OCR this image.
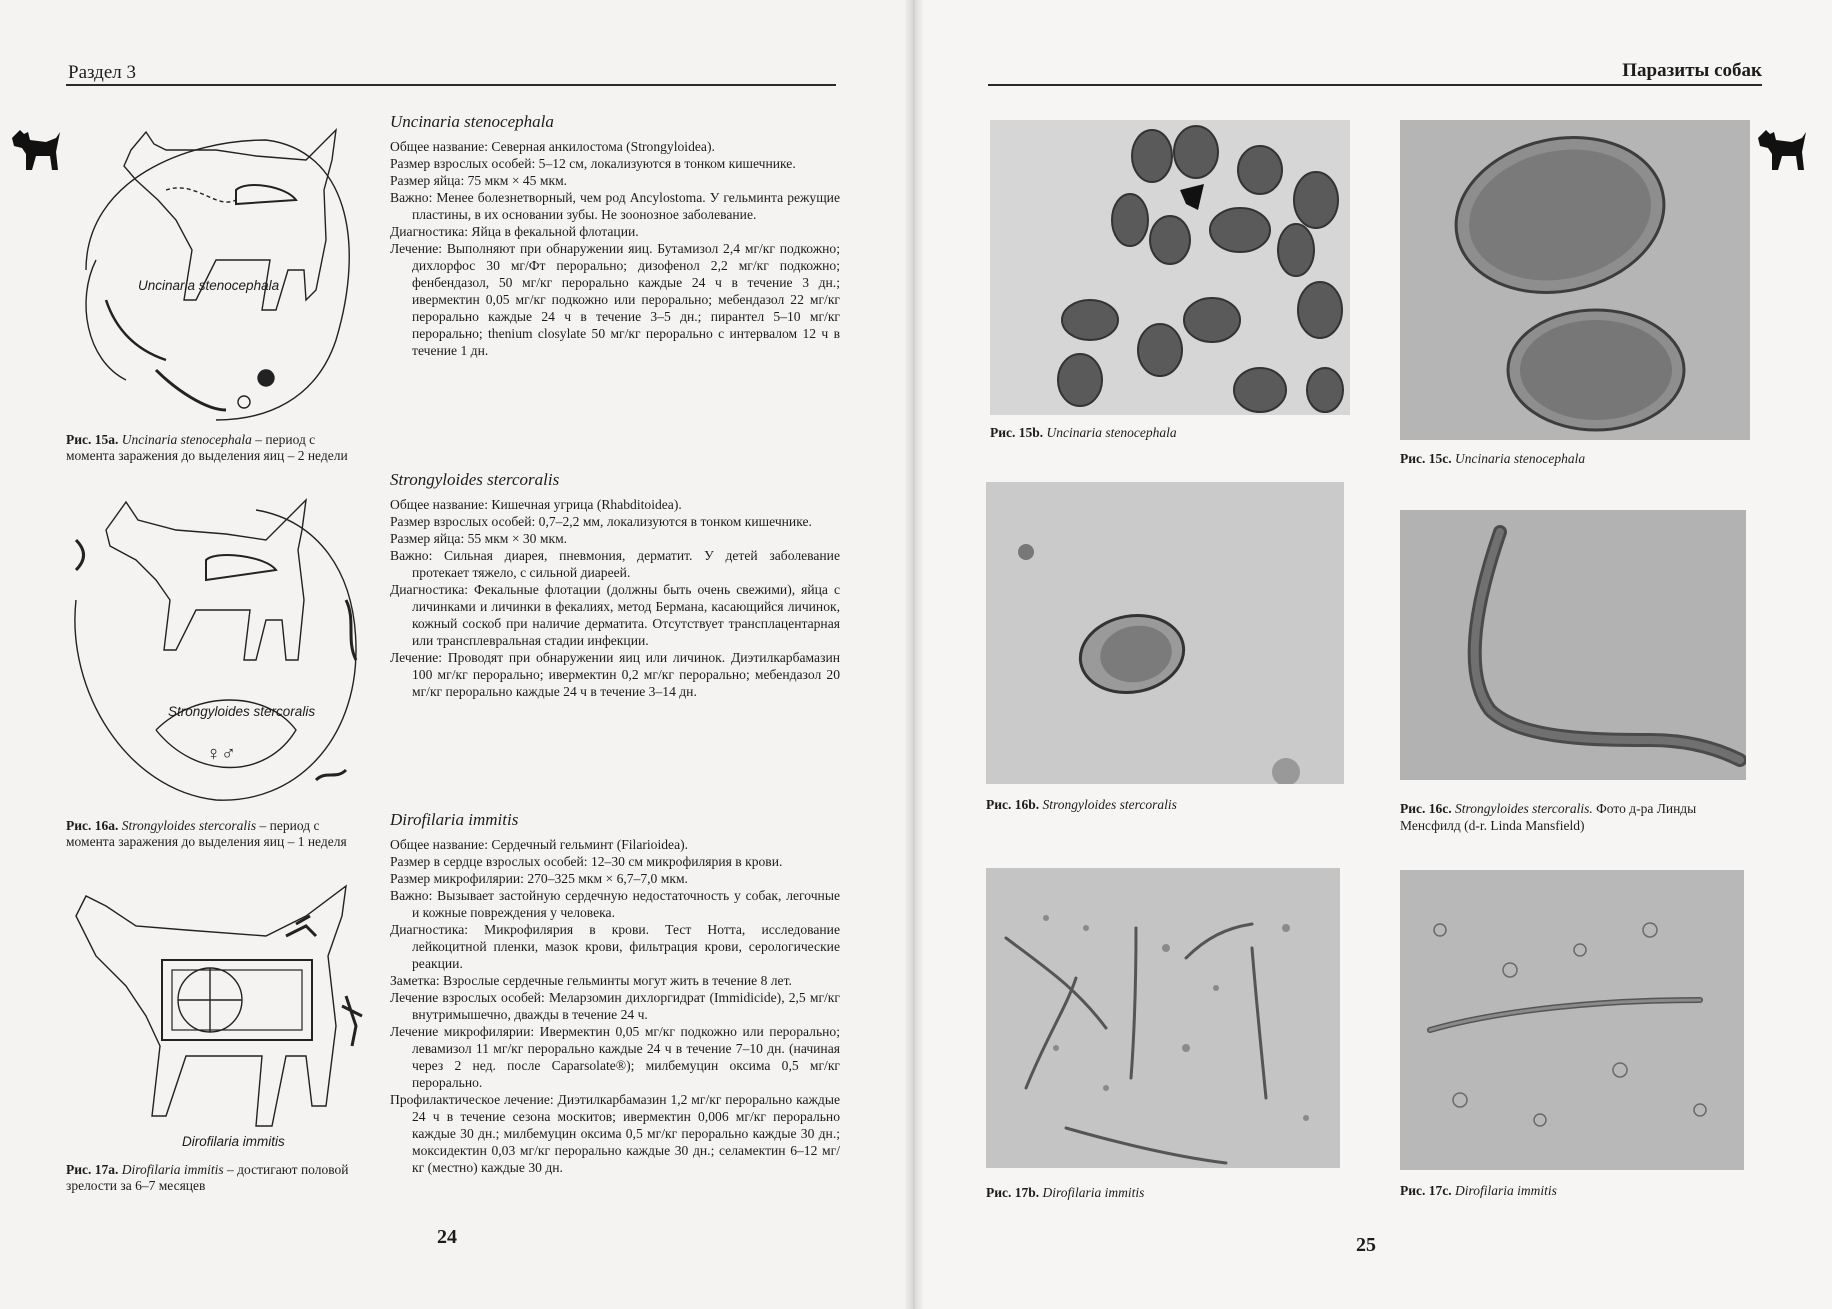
Раздел 3
Uncinaria stenocephala
Рис. 15а. Uncinaria stenocephala – период с момента заражения до выделения яиц – 2 недели
♀♂
Strongyloides stercoralis
Рис. 16а. Strongyloides stercoralis – период с момента заражения до выделения яиц – 1 неделя
Dirofilaria immitis
Рис. 17а. Dirofilaria immitis – достигают половой зрелости за 6–7 месяцев
Uncinaria stenocephala

Общее название: Северная анкилостома (Strongyloidea).

Размер взрослых особей: 5–12 см, локализуются в тонком кишечнике.

Размер яйца: 75 мкм × 45 мкм.

Важно: Менее болезнетворный, чем род Ancylostoma. У гельминта режущие пластины, в их основании зубы. Не зоонозное заболевание.

Диагностика: Яйца в фекальной флотации.

Лечение: Выполняют при обнаружении яиц. Бутамизол 2,4 мг/кг подкожно; дихлорфос 30 мг/Фт перорально; дизофенол 2,2 мг/кг подкожно; фенбендазол, 50 мг/кг перорально каждые 24 ч в течение 3 дн.; ивермектин 0,05 мг/кг подкожно или перорально; мебендазол 22 мг/кг перорально каждые 24 ч в течение 3–5 дн.; пирантел 5–10 мг/кг перорально; thenium closylate 50 мг/кг перорально с интервалом 12 ч в течение 1 дн.

Strongyloides stercoralis

Общее название: Кишечная угрица (Rhabditoidea).

Размер взрослых особей: 0,7–2,2 мм, локализуются в тонком кишечнике.

Размер яйца: 55 мкм × 30 мкм.

Важно: Сильная диарея, пневмония, дерматит. У детей заболевание протекает тяжело, с сильной диареей.

Диагностика: Фекальные флотации (должны быть очень свежими), яйца с личинками и личинки в фекалиях, метод Бермана, касающийся личинок, кожный соскоб при наличие дерматита. Отсутствует трансплацентарная или трансплевральная стадии инфекции.

Лечение: Проводят при обнаружении яиц или личинок. Диэтилкарбамазин 100 мг/кг перорально; ивермектин 0,2 мг/кг перорально; мебендазол 20 мг/кг перорально каждые 24 ч в течение 3–14 дн.

Dirofilaria immitis

Общее название: Сердечный гельминт (Filarioidea).

Размер в сердце взрослых особей: 12–30 см микрофилярия в крови.

Размер микрофилярии: 270–325 мкм × 6,7–7,0 мкм.

Важно: Вызывает застойную сердечную недостаточность у собак, легочные и кожные повреждения у человека.

Диагностика: Микрофилярия в крови. Тест Нотта, исследование лейкоцитной пленки, мазок крови, фильтрация крови, серологические реакции.

Заметка: Взрослые сердечные гельминты могут жить в течение 8 лет.

Лечение взрослых особей: Меларзомин дихлоргидрат (Immidicide), 2,5 мг/кг внутримышечно, дважды в течение 24 ч.

Лечение микрофилярии: Ивермектин 0,05 мг/кг подкожно или перорально; левамизол 11 мг/кг перорально каждые 24 ч в течение 7–10 дн. (начиная через 2 нед. после Caparsolate®); милбемуцин оксима 0,5 мг/кг перорально.

Профилактическое лечение: Диэтилкарбамазин 1,2 мг/кг перорально каждые 24 ч в течение сезона москитов; ивермектин 0,006 мг/кг перорально каждые 30 дн.; милбемуцин оксима 0,5 мг/кг перорально каждые 30 дн.; моксидектин 0,03 мг/кг перорально каждые 30 дн.; селамектин 6–12 мг/кг (местно) каждые 30 дн.

24
Паразиты собак
Рис. 15b. Uncinaria stenocephala
Рис. 15с. Uncinaria stenocephala
Рис. 16b. Strongyloides stercoralis	Рис. 16с. Strongyloides stercoralis. Фото д-ра Линды Менсфилд (d-r. Linda Mansfield)
Рис. 17b. Dirofilaria immitis	Рис. 17с. Dirofilaria immitis
25
